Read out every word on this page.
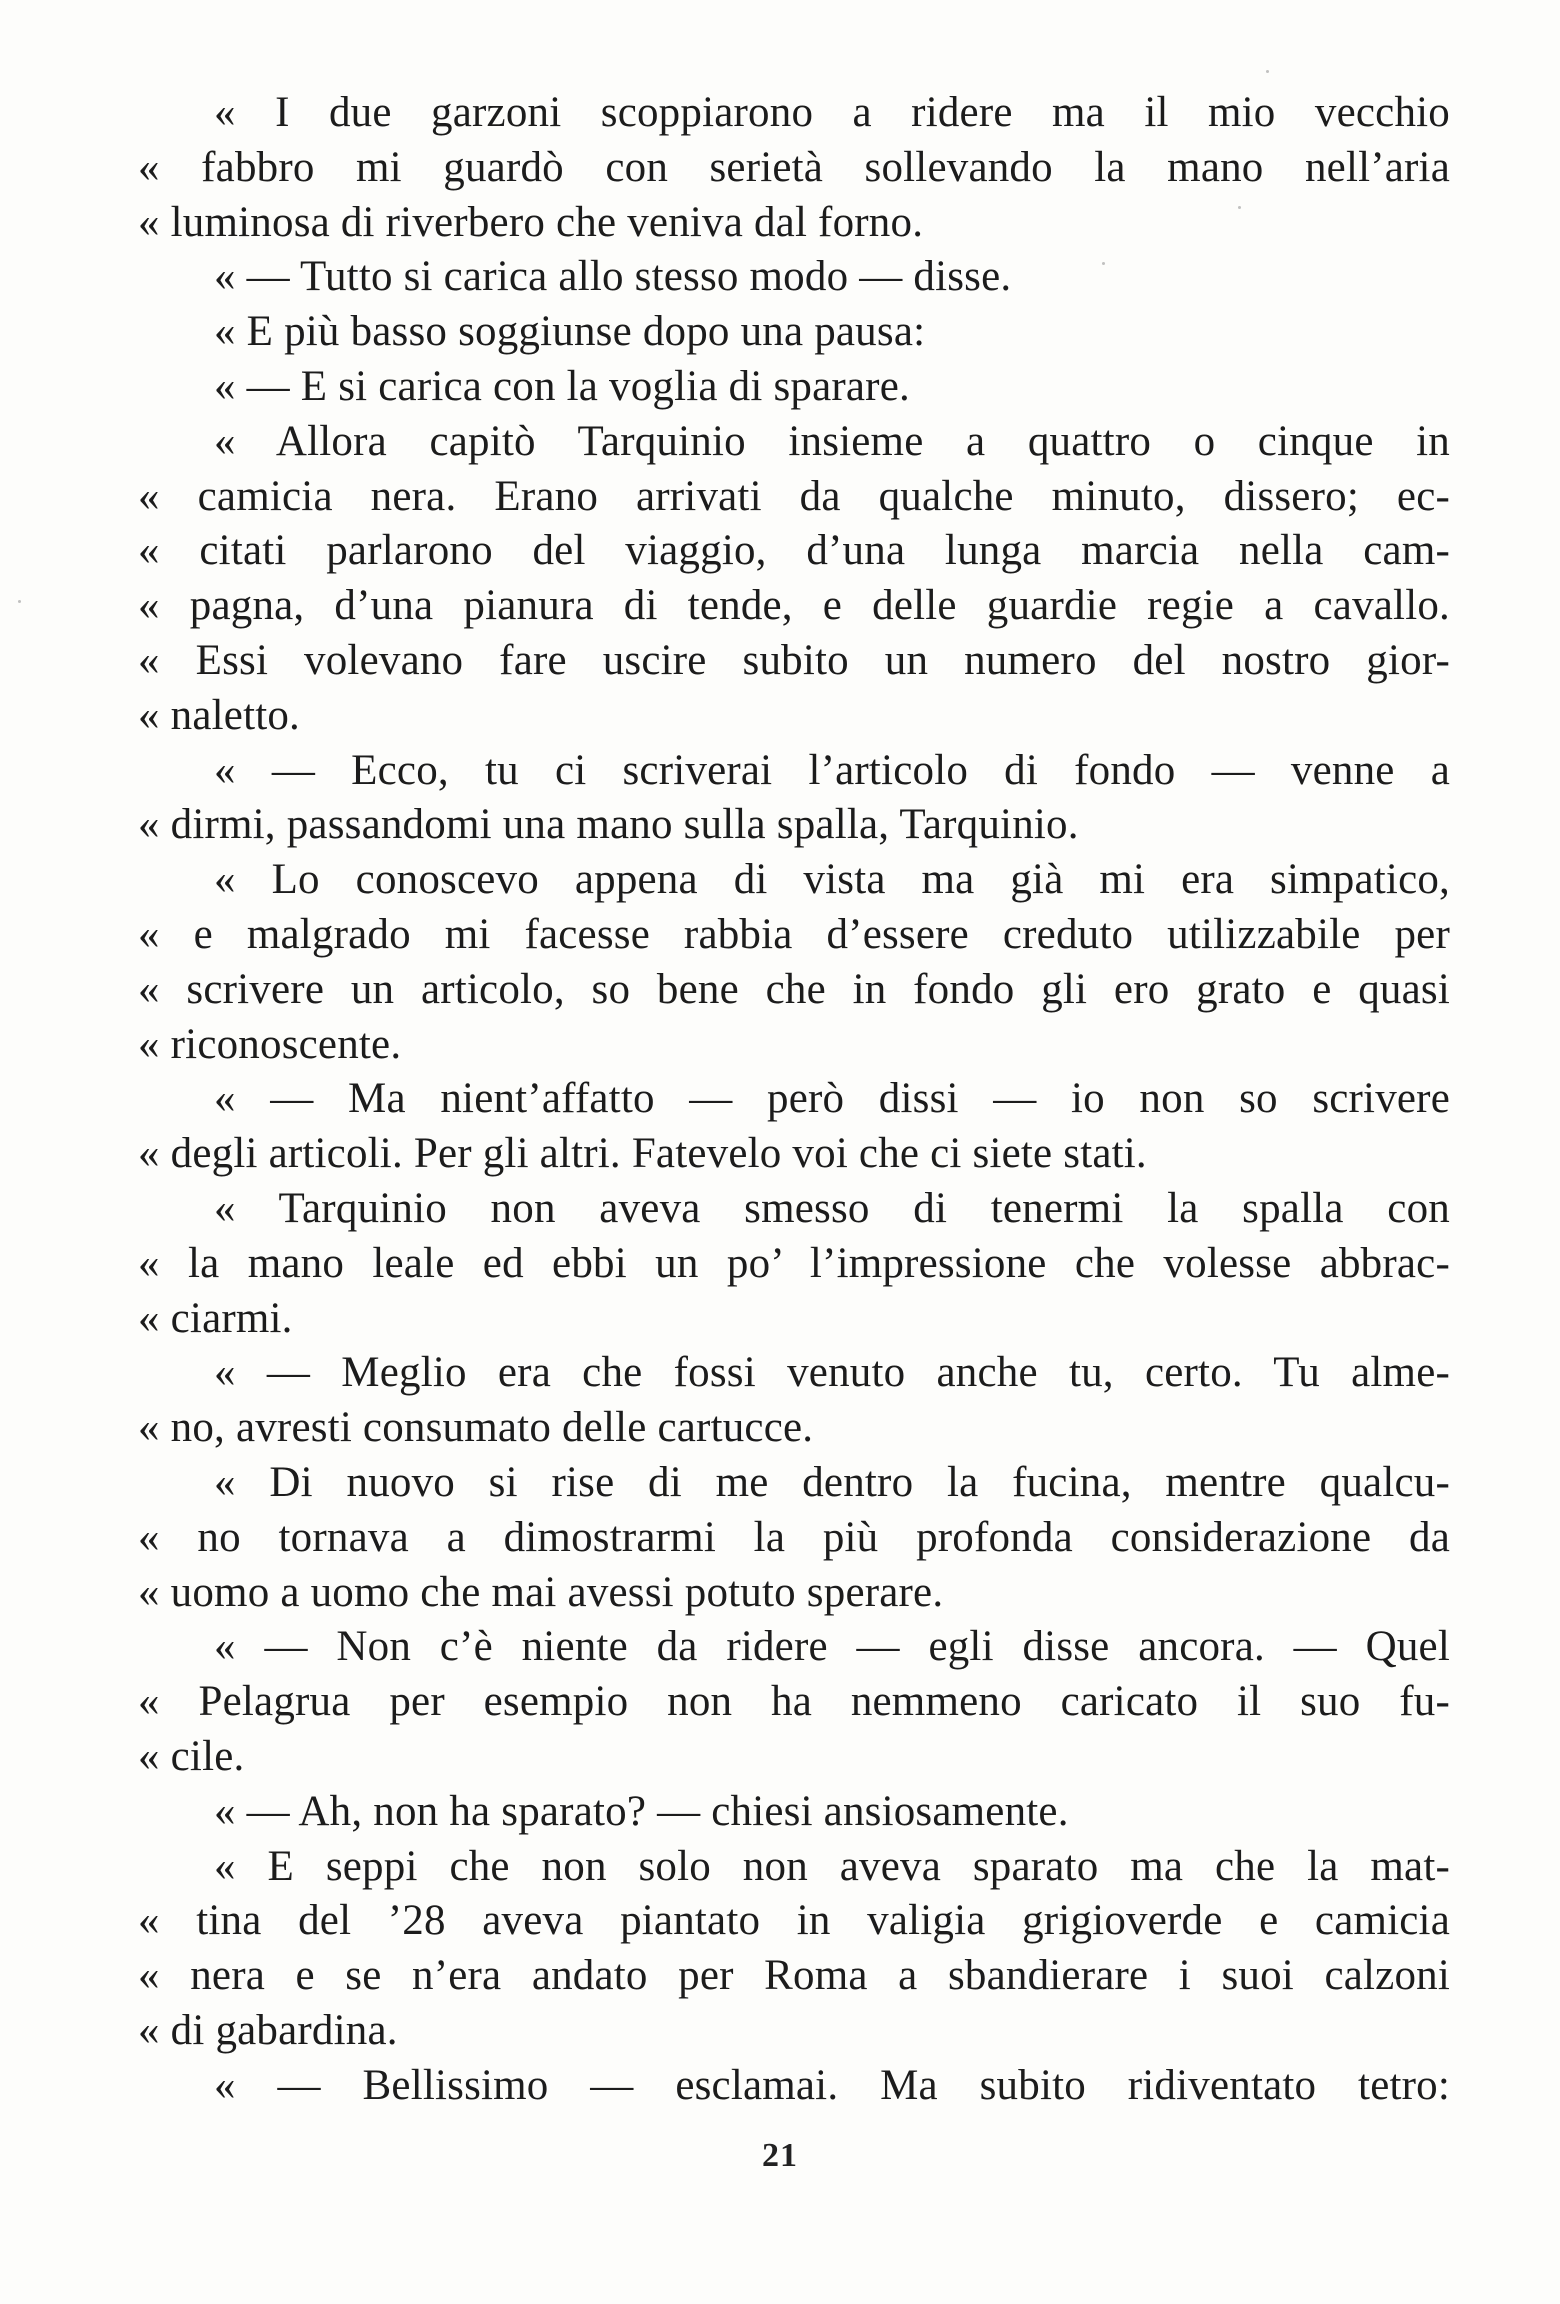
« I due garzoni scoppiarono a ridere ma il mio vecchio
« fabbro mi guardò con serietà sollevando la mano nell’aria
« luminosa di riverbero che veniva dal forno.
« — Tutto si carica allo stesso modo — disse.
« E più basso soggiunse dopo una pausa:
« — E si carica con la voglia di sparare.
« Allora capitò Tarquinio insieme a quattro o cinque in
« camicia nera. Erano arrivati da qualche minuto, dissero; ec-
« citati parlarono del viaggio, d’una lunga marcia nella cam-
« pagna, d’una pianura di tende, e delle guardie regie a cavallo.
« Essi volevano fare uscire subito un numero del nostro gior-
« naletto.
« — Ecco, tu ci scriverai l’articolo di fondo — venne a
« dirmi, passandomi una mano sulla spalla, Tarquinio.
« Lo conoscevo appena di vista ma già mi era simpatico,
« e malgrado mi facesse rabbia d’essere creduto utilizzabile per
« scrivere un articolo, so bene che in fondo gli ero grato e quasi
« riconoscente.
« — Ma nient’affatto — però dissi — io non so scrivere
« degli articoli. Per gli altri. Fatevelo voi che ci siete stati.
« Tarquinio non aveva smesso di tenermi la spalla con
« la mano leale ed ebbi un po’ l’impressione che volesse abbrac-
« ciarmi.
« — Meglio era che fossi venuto anche tu, certo. Tu alme-
« no, avresti consumato delle cartucce.
« Di nuovo si rise di me dentro la fucina, mentre qualcu-
« no tornava a dimostrarmi la più profonda considerazione da
« uomo a uomo che mai avessi potuto sperare.
« — Non c’è niente da ridere — egli disse ancora. — Quel
« Pelagrua per esempio non ha nemmeno caricato il suo fu-
« cile.
« — Ah, non ha sparato? — chiesi ansiosamente.
« E seppi che non solo non aveva sparato ma che la mat-
« tina del ’28 aveva piantato in valigia grigioverde e camicia
« nera e se n’era andato per Roma a sbandierare i suoi calzoni
« di gabardina.
« — Bellissimo — esclamai. Ma subito ridiventato tetro:
21
